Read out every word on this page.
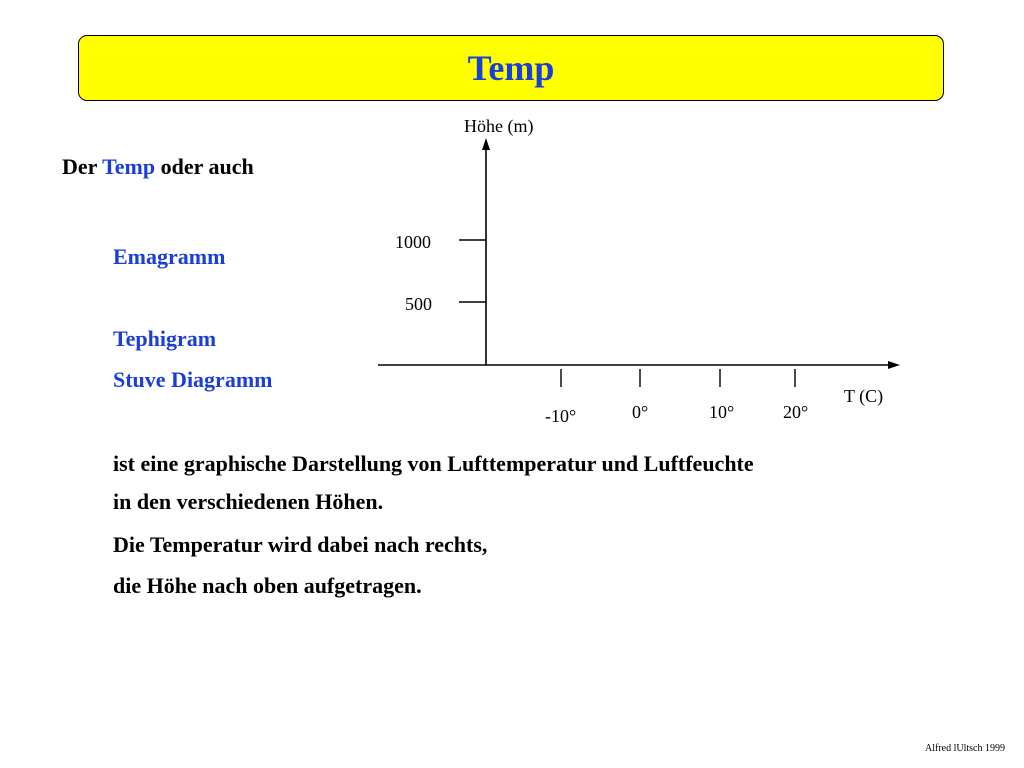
Temp
Der Temp oder auch
Emagramm
Tephigram
Stuve Diagramm
ist eine graphische Darstellung von Lufttemperatur und Luftfeuchte
in den verschiedenen Höhen.
Die Temperatur wird dabei nach rechts,
die Höhe nach oben aufgetragen.
Höhe (m)
T (C)
1000
500
-10°	0°	10°	20°
Alfred lUltsch 1999
